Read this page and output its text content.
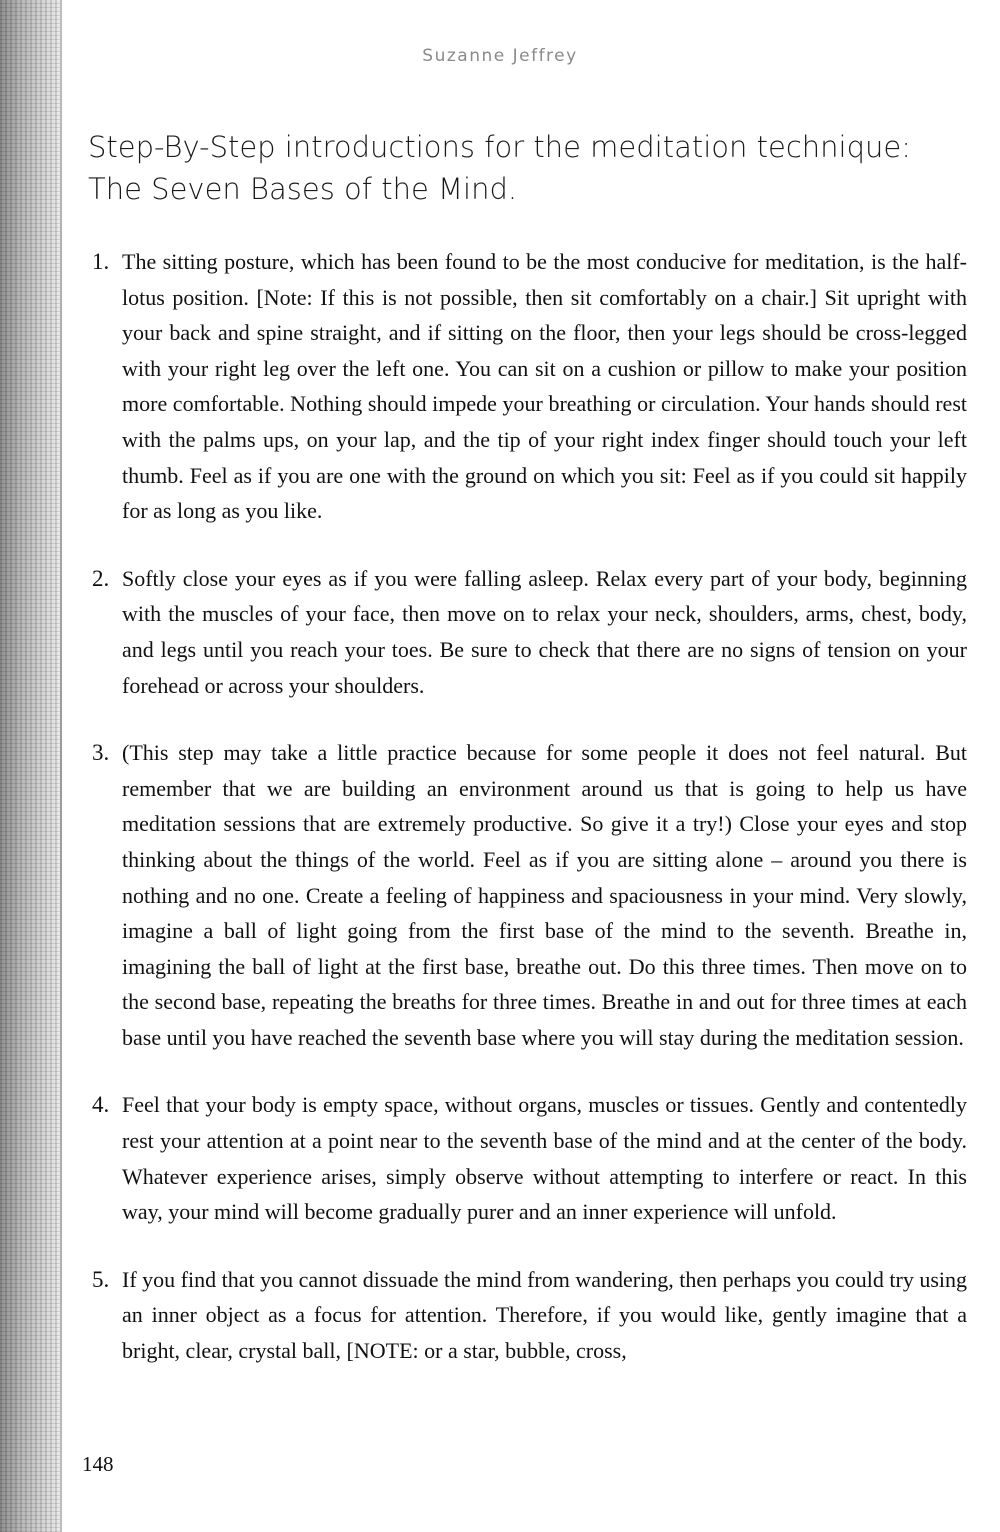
Suzanne Jeffrey
Step-By-Step introductions for the meditation technique:
The Seven Bases of the Mind.
1. The sitting posture, which has been found to be the most conducive for meditation, is the half-lotus position. [Note: If this is not possible, then sit comfortably on a chair.] Sit upright with your back and spine straight, and if sitting on the floor, then your legs should be cross-legged with your right leg over the left one. You can sit on a cushion or pillow to make your position more comfortable. Nothing should impede your breathing or circulation. Your hands should rest with the palms ups, on your lap, and the tip of your right index finger should touch your left thumb. Feel as if you are one with the ground on which you sit: Feel as if you could sit happily for as long as you like.
2. Softly close your eyes as if you were falling asleep. Relax every part of your body, beginning with the muscles of your face, then move on to relax your neck, shoulders, arms, chest, body, and legs until you reach your toes. Be sure to check that there are no signs of tension on your forehead or across your shoulders.
3. (This step may take a little practice because for some people it does not feel natural. But remember that we are building an environment around us that is going to help us have meditation sessions that are extremely productive. So give it a try!) Close your eyes and stop thinking about the things of the world. Feel as if you are sitting alone – around you there is nothing and no one. Create a feeling of happiness and spaciousness in your mind. Very slowly, imagine a ball of light going from the first base of the mind to the seventh. Breathe in, imagining the ball of light at the first base, breathe out. Do this three times. Then move on to the second base, repeating the breaths for three times. Breathe in and out for three times at each base until you have reached the seventh base where you will stay during the meditation session.
4. Feel that your body is empty space, without organs, muscles or tissues. Gently and contentedly rest your attention at a point near to the seventh base of the mind and at the center of the body. Whatever experience arises, simply observe without attempting to interfere or react. In this way, your mind will become gradually purer and an inner experience will unfold.
5. If you find that you cannot dissuade the mind from wandering, then perhaps you could try using an inner object as a focus for attention. Therefore, if you would like, gently imagine that a bright, clear, crystal ball, [NOTE: or a star, bubble, cross,
148
